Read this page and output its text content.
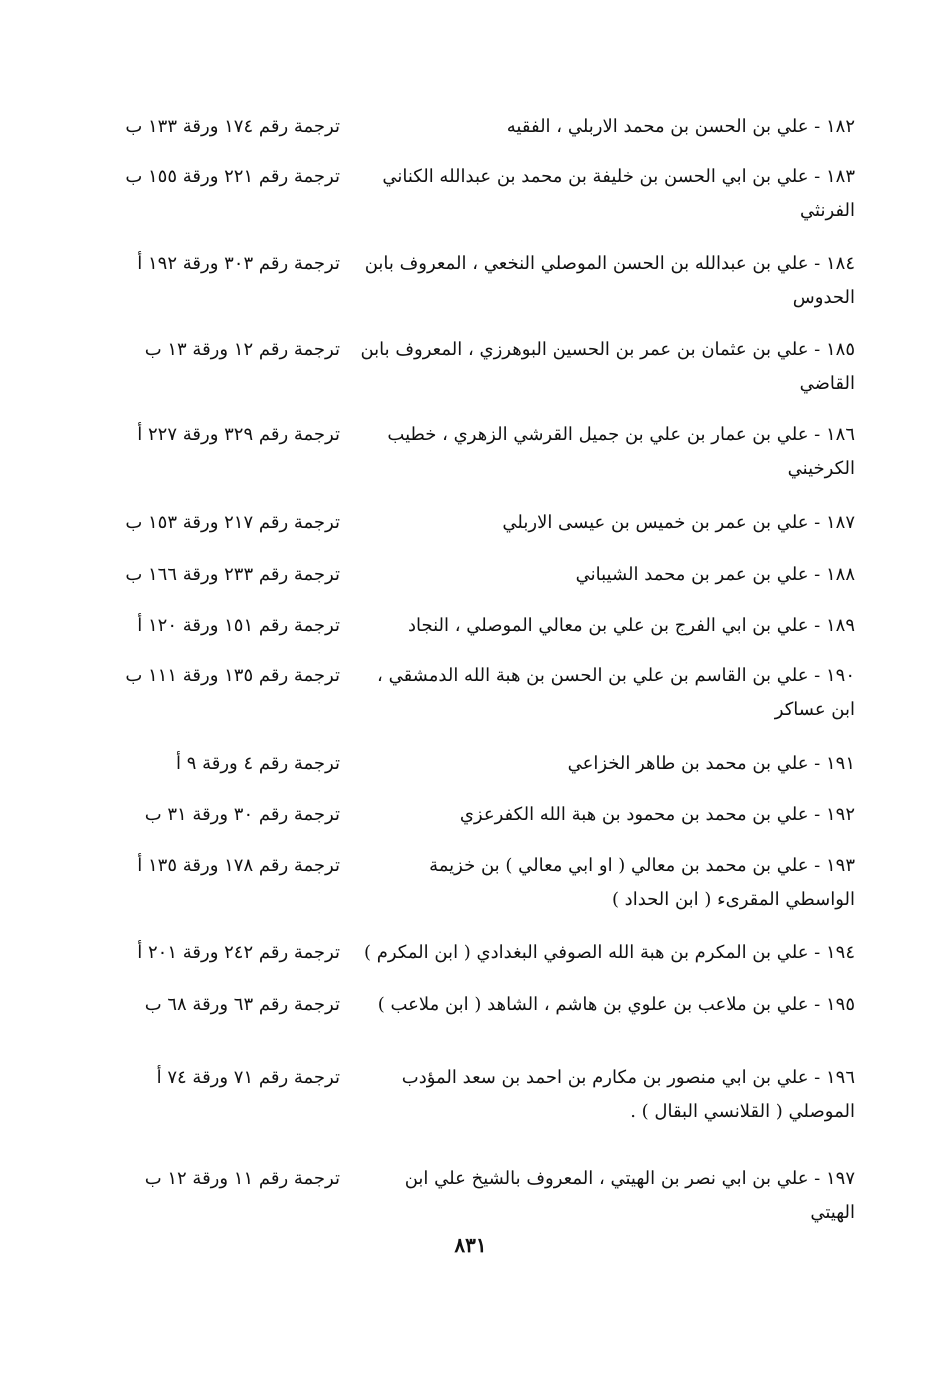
١٨٢ - علي بن الحسن بن محمد الاربلي ، الفقيه
ترجمة رقم ١٧٤ ورقة ١٣٣ ب
١٨٣ - علي بن ابي الحسن بن خليفة بن محمد بن عبدالله الكناني الفرنثي
ترجمة رقم ٢٢١ ورقة ١٥٥ ب
١٨٤ - علي بن عبدالله بن الحسن الموصلي النخعي ، المعروف بابن الحدوس
ترجمة رقم ٣٠٣ ورقة ١٩٢ أ
١٨٥ - علي بن عثمان بن عمر بن الحسين البوهرزي ، المعروف بابن القاضي
ترجمة رقم ١٢ ورقة ١٣ ب
١٨٦ - علي بن عمار بن علي بن جميل القرشي الزهري ، خطيب الكرخيني
ترجمة رقم ٣٢٩ ورقة ٢٢٧ أ
١٨٧ - علي بن عمر بن خميس بن عيسى الاربلي
ترجمة رقم ٢١٧ ورقة ١٥٣ ب
١٨٨ - علي بن عمر بن محمد الشيباني
ترجمة رقم ٢٣٣ ورقة ١٦٦ ب
١٨٩ - علي بن ابي الفرج بن علي بن معالي الموصلي ، النجاد
ترجمة رقم ١٥١ ورقة ١٢٠ أ
١٩٠ - علي بن القاسم بن علي بن الحسن بن هبة الله الدمشقي ، ابن عساكر
ترجمة رقم ١٣٥ ورقة ١١١ ب
١٩١ - علي بن محمد بن طاهر الخزاعي
ترجمة رقم ٤ ورقة ٩ أ
١٩٢ - علي بن محمد بن محمود بن هبة الله الكفرعزي
ترجمة رقم ٣٠ ورقة ٣١ ب
١٩٣ - علي بن محمد بن معالي ( او ابي معالي ) بن خزيمة الواسطي المقرىء ( ابن الحداد )
ترجمة رقم ١٧٨ ورقة ١٣٥ أ
١٩٤ - علي بن المكرم بن هبة الله الصوفي البغدادي ( ابن المكرم )
ترجمة رقم ٢٤٢ ورقة ٢٠١ أ
١٩٥ - علي بن ملاعب بن علوي بن هاشم ، الشاهد ( ابن ملاعب )
ترجمة رقم ٦٣ ورقة ٦٨ ب
١٩٦ - علي بن ابي منصور بن مكارم بن احمد بن سعد المؤدب الموصلي ( القلانسي البقال ) .
ترجمة رقم ٧١ ورقة ٧٤ أ
١٩٧ - علي بن ابي نصر بن الهيتي ، المعروف بالشيخ علي ابن الهيتي
ترجمة رقم ١١ ورقة ١٢ ب
٨٣١
